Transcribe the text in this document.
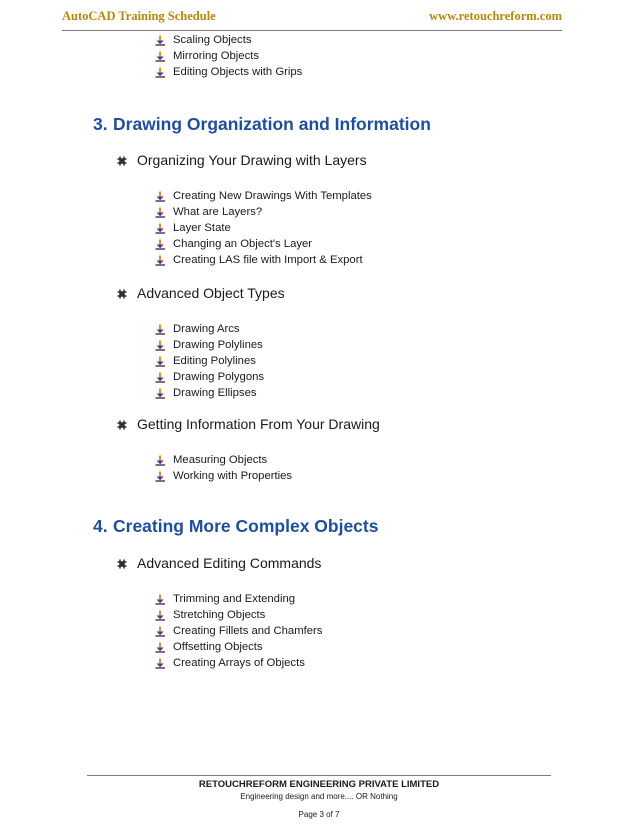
AutoCAD Training Schedule	www.retouchreform.com
Scaling Objects
Mirroring Objects
Editing Objects with Grips
3. Drawing Organization and Information
Organizing Your Drawing with Layers
Creating New Drawings With Templates
What are Layers?
Layer State
Changing an Object's Layer
Creating LAS file with Import & Export
Advanced Object Types
Drawing Arcs
Drawing Polylines
Editing Polylines
Drawing Polygons
Drawing Ellipses
Getting Information From Your Drawing
Measuring Objects
Working with Properties
4. Creating More Complex Objects
Advanced Editing Commands
Trimming and Extending
Stretching Objects
Creating Fillets and Chamfers
Offsetting Objects
Creating Arrays of Objects
RETOUCHREFORM ENGINEERING PRIVATE LIMITED
Engineering design and more.... OR Nothing
Page 3 of 7
